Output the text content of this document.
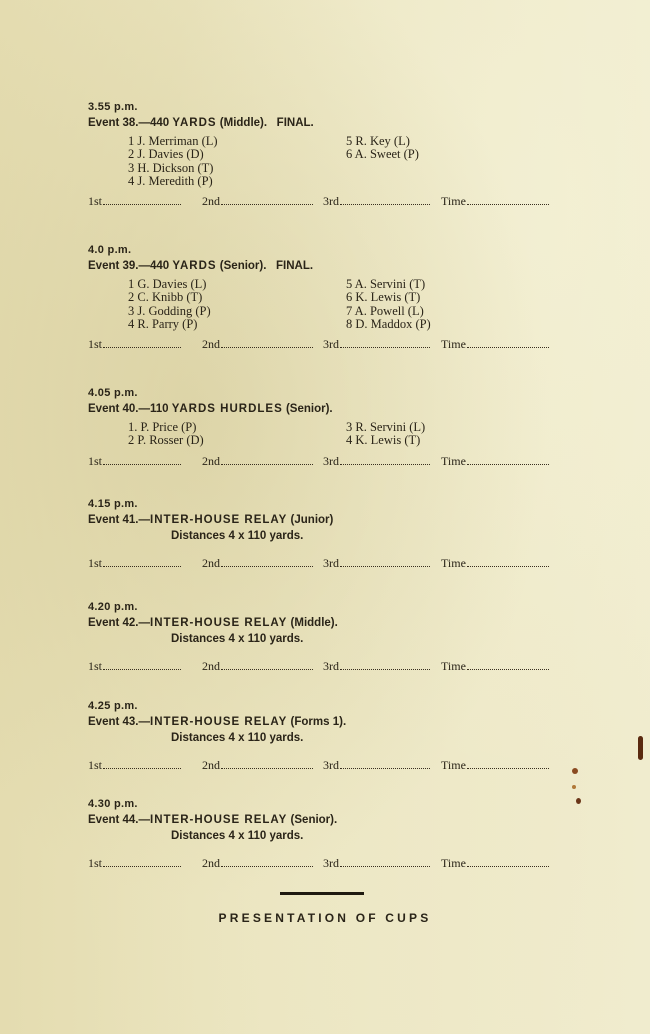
3.55 p.m.
Event 38.—440 YARDS (Middle). FINAL.
1 J. Merriman (L)
2 J. Davies (D)
3 H. Dickson (T)
4 J. Meredith (P)
5 R. Key (L)
6 A. Sweet (P)
1st	2nd	3rd	Time
4.0 p.m.
Event 39.—440 YARDS (Senior). FINAL.
1 G. Davies (L)
2 C. Knibb (T)
3 J. Godding (P)
4 R. Parry (P)
5 A. Servini (T)
6 K. Lewis (T)
7 A. Powell (L)
8 D. Maddox (P)
1st	2nd	3rd	Time
4.05 p.m.
Event 40.—110 YARDS HURDLES (Senior).
1. P. Price (P)
2 P. Rosser (D)
3 R. Servini (L)
4 K. Lewis (T)
1st	2nd	3rd	Time
4.15 p.m.
Event 41.—INTER-HOUSE RELAY (Junior)
Distances 4 x 110 yards.
1st	2nd	3rd	Time
4.20 p.m.
Event 42.—INTER-HOUSE RELAY (Middle).
Distances 4 x 110 yards.
1st	2nd	3rd	Time
4.25 p.m.
Event 43.—INTER-HOUSE RELAY (Forms 1).
Distances 4 x 110 yards.
1st	2nd	3rd	Time
4.30 p.m.
Event 44.—INTER-HOUSE RELAY (Senior).
Distances 4 x 110 yards.
1st	2nd	3rd	Time
PRESENTATION OF CUPS
